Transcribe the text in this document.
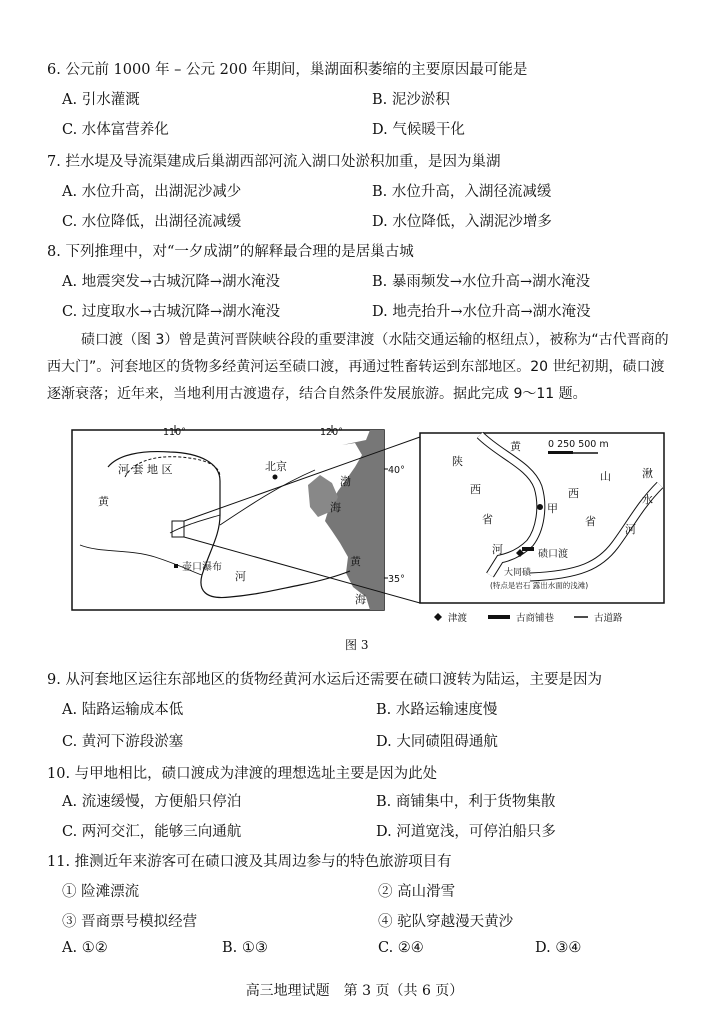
6. 公元前 1000 年 – 公元 200 年期间，巢湖面积萎缩的主要原因最可能是
A. 引水灌溉	B. 泥沙淤积
C. 水体富营养化	D. 气候暖干化
7. 拦水堤及导流渠建成后巢湖西部河流入湖口处淤积加重，是因为巢湖
A. 水位升高，出湖泥沙减少	B. 水位升高，入湖径流减缓
C. 水位降低，出湖径流减缓	D. 水位降低，入湖泥沙增多
8. 下列推理中，对“一夕成湖”的解释最合理的是居巢古城
A. 地震突发→古城沉降→湖水淹没	B. 暴雨频发→水位升高→湖水淹没
C. 过度取水→古城沉降→湖水淹没	D. 地壳抬升→水位升高→湖水淹没
碛口渡（图 3）曾是黄河晋陕峡谷段的重要津渡（水陆交通运输的枢纽点），被称为“古代晋商的西大门”。河套地区的货物多经黄河运至碛口渡，再通过牲畜转运到东部地区。20 世纪初期，碛口渡逐渐衰落；近年来，当地利用古渡遗存，结合自然条件发展旅游。据此完成 9～11 题。
110°	120°
40°
35°
河 套 地 区	北京
渤
海
黄
海
黄
河
壶口瀑布
0 250 500 m
陕
西
省
山
西
省
黄
河
甲
碛口渡
大同碛
(特点是岩石 露出水面的浅滩)
湫
水
河
津渡	古商铺巷	古道路
图 3
9. 从河套地区运往东部地区的货物经黄河水运后还需要在碛口渡转为陆运，主要是因为
A. 陆路运输成本低	B. 水路运输速度慢
C. 黄河下游段淤塞	D. 大同碛阻碍通航
10. 与甲地相比，碛口渡成为津渡的理想选址主要是因为此处
A. 流速缓慢，方便船只停泊	B. 商铺集中，利于货物集散
C. 两河交汇，能够三向通航	D. 河道宽浅，可停泊船只多
11. 推测近年来游客可在碛口渡及其周边参与的特色旅游项目有
① 险滩漂流	② 高山滑雪
③ 晋商票号模拟经营	④ 驼队穿越漫天黄沙
A. ①②	B. ①③	C. ②④	D. ③④
高三地理试题　第 3 页（共 6 页）
